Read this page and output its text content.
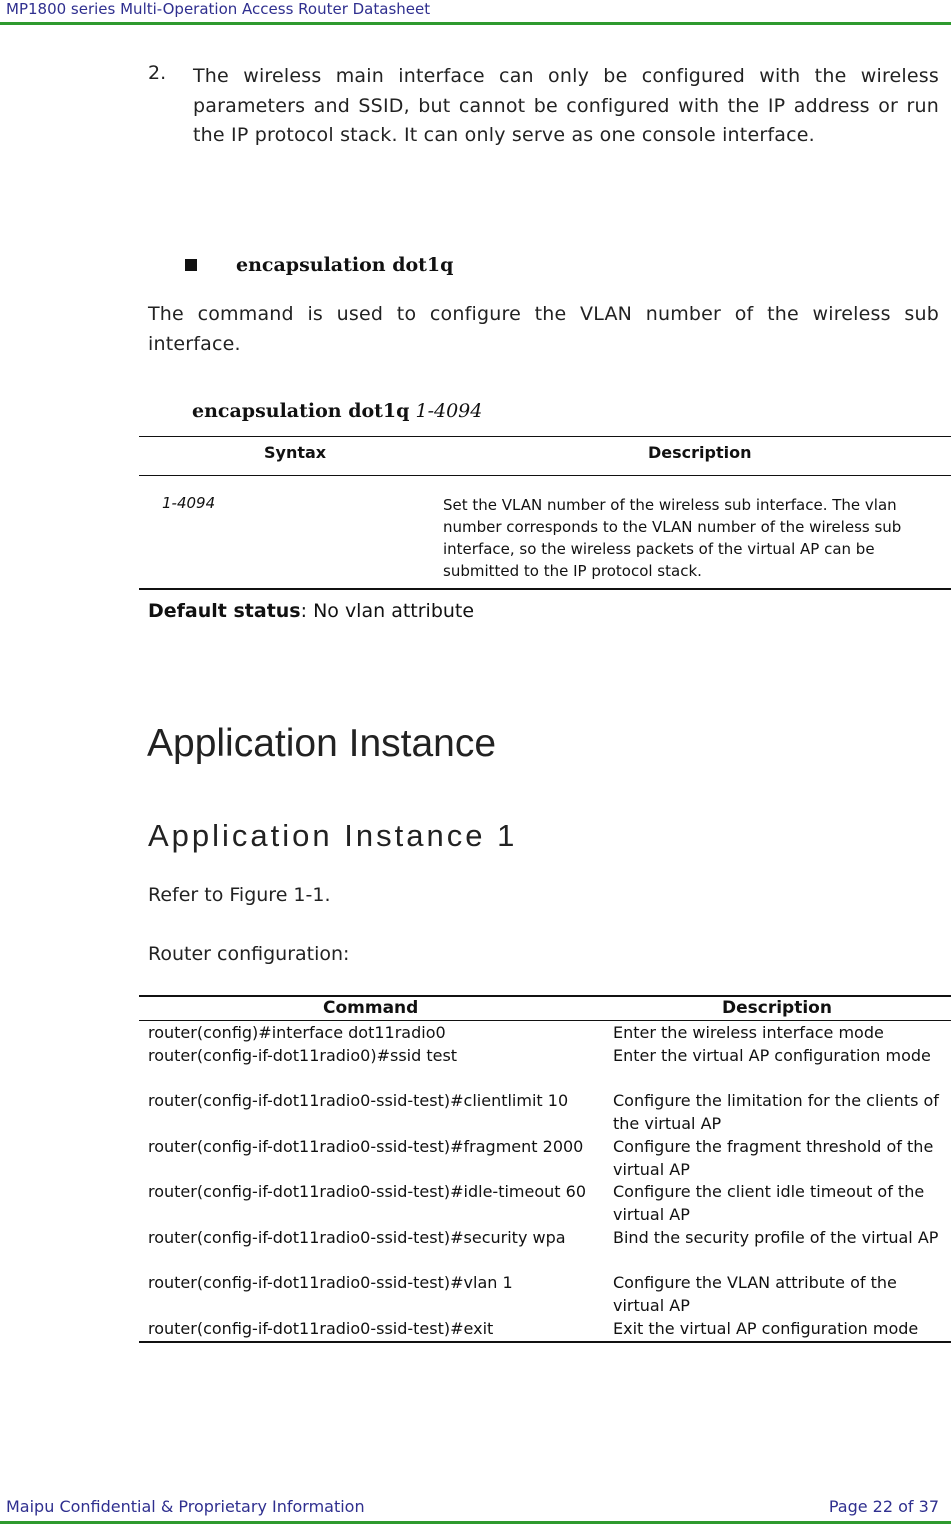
MP1800 series Multi-Operation Access Router Datasheet
2. The wireless main interface can only be configured with the wireless parameters and SSID, but cannot be configured with the IP address or run the IP protocol stack. It can only serve as one console interface.
encapsulation dot1q
The command is used to configure the VLAN number of the wireless sub interface.
encapsulation dot1q 1-4094
Syntax	Description
1-4094	Set the VLAN number of the wireless sub interface. The vlan number corresponds to the VLAN number of the wireless sub interface, so the wireless packets of the virtual AP can be submitted to the IP protocol stack.
Default status: No vlan attribute
Application Instance
Application Instance 1
Refer to Figure 1-1.
Router configuration:
Command	Description
router(config)#interface dot11radio0	Enter the wireless interface mode
router(config-if-dot11radio0)#ssid test	Enter the virtual AP configuration mode
router(config-if-dot11radio0-ssid-test)#clientlimit 10	Configure the limitation for the clients of the virtual AP
router(config-if-dot11radio0-ssid-test)#fragment 2000	Configure the fragment threshold of the virtual AP
router(config-if-dot11radio0-ssid-test)#idle-timeout 60	Configure the client idle timeout of the virtual AP
router(config-if-dot11radio0-ssid-test)#security wpa	Bind the security profile of the virtual AP
router(config-if-dot11radio0-ssid-test)#vlan 1	Configure the VLAN attribute of the virtual AP
router(config-if-dot11radio0-ssid-test)#exit	Exit the virtual AP configuration mode
Maipu Confidential & Proprietary Information	Page 22 of 37
